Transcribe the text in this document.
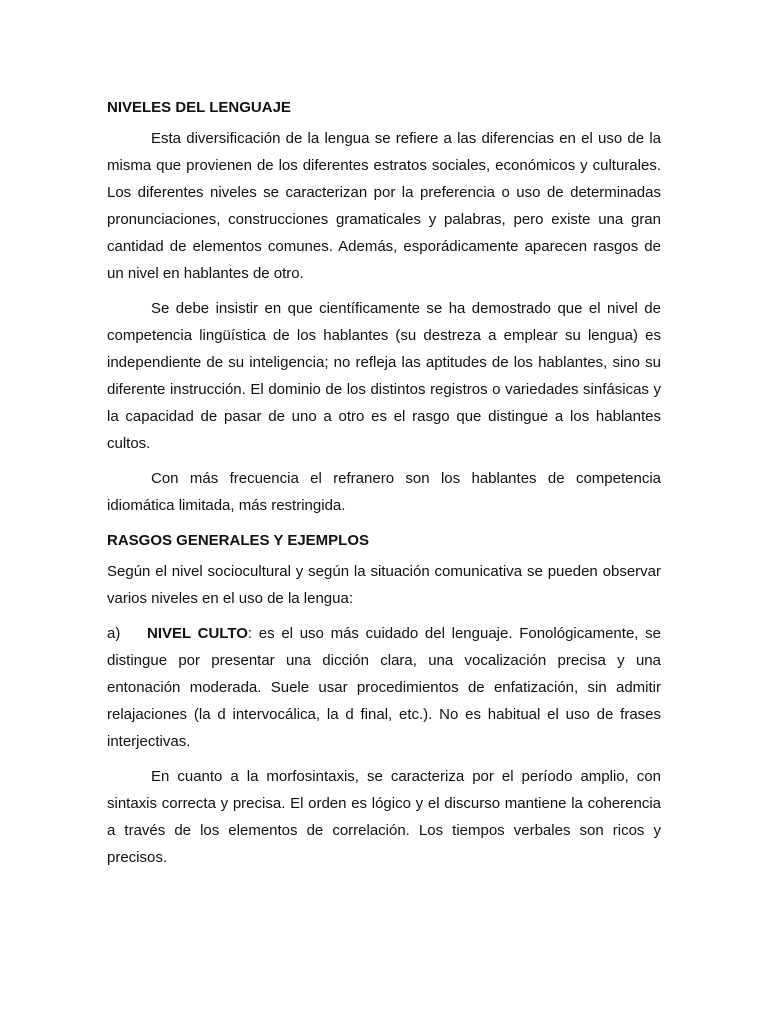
NIVELES DEL LENGUAJE

Esta diversificación de la lengua se refiere a las diferencias en el uso de la misma que provienen de los diferentes estratos sociales, económicos y culturales. Los diferentes niveles se caracterizan por la preferencia o uso de determinadas pronunciaciones, construcciones gramaticales y palabras, pero existe una gran cantidad de elementos comunes. Además, esporádicamente aparecen rasgos de un nivel en hablantes de otro.

Se debe insistir en que científicamente se ha demostrado que el nivel de competencia lingüística de los hablantes (su destreza a emplear su lengua) es independiente de su inteligencia; no refleja las aptitudes de los hablantes, sino su diferente instrucción. El dominio de los distintos registros o variedades sinfásicas y la capacidad de pasar de uno a otro es el rasgo que distingue a los hablantes cultos.

Con más frecuencia el refranero son los hablantes de competencia idiomática limitada, más restringida.

RASGOS GENERALES Y EJEMPLOS

Según el nivel sociocultural y según la situación comunicativa se pueden observar varios niveles en el uso de la lengua:

a) NIVEL CULTO: es el uso más cuidado del lenguaje. Fonológicamente, se distingue por presentar una dicción clara, una vocalización precisa y una entonación moderada. Suele usar procedimientos de enfatización, sin admitir relajaciones (la d intervocálica, la d final, etc.). No es habitual el uso de frases interjectivas.

En cuanto a la morfosintaxis, se caracteriza por el período amplio, con sintaxis correcta y precisa. El orden es lógico y el discurso mantiene la coherencia a través de los elementos de correlación. Los tiempos verbales son ricos y precisos.
